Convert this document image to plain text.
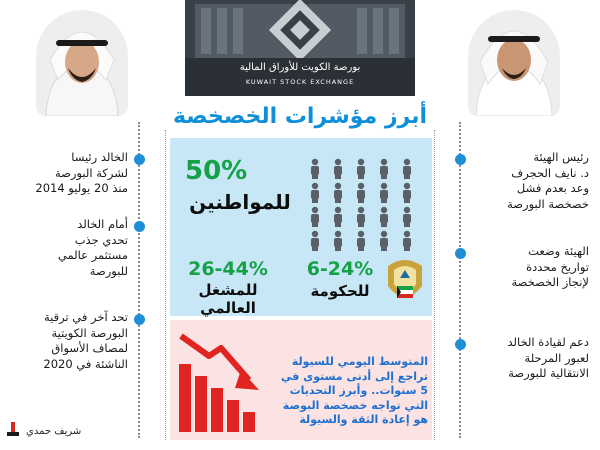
الخالد رئيسا
لشركة البورصة
منذ 20 يوليو 2014
أمام الخالد
تحدي جذب
مستثمر عالمي
للبورصة
تحد آخر في ترقية
البورصة الكويتية
لمصاف الأسواق
الناشئة في 2020
شريف حمدي
بورصة الكويت للأوراق المالية
KUWAIT STOCK EXCHANGE
أبرز مؤشرات الخصخصة
50%
للمواطنين
6-24%
للحكومة
26-44%
للمشغل
العالمي
المتوسط اليومي للسيولة
تراجع إلى أدنى مستوى في
5 سنوات.. وأبرز التحديات
التي تواجه خصخصة البوصة
هو إعادة الثقة والسيولة
رئيس الهيئة
د. نايف الحجرف
وعد بعدم فشل
خصخصة البورصة
الهيئة وضعت
تواريخ محددة
لإنجاز الخصخصة
دعم لقيادة الخالد
لعبور المرحلة
الانتقالية للبورصة
